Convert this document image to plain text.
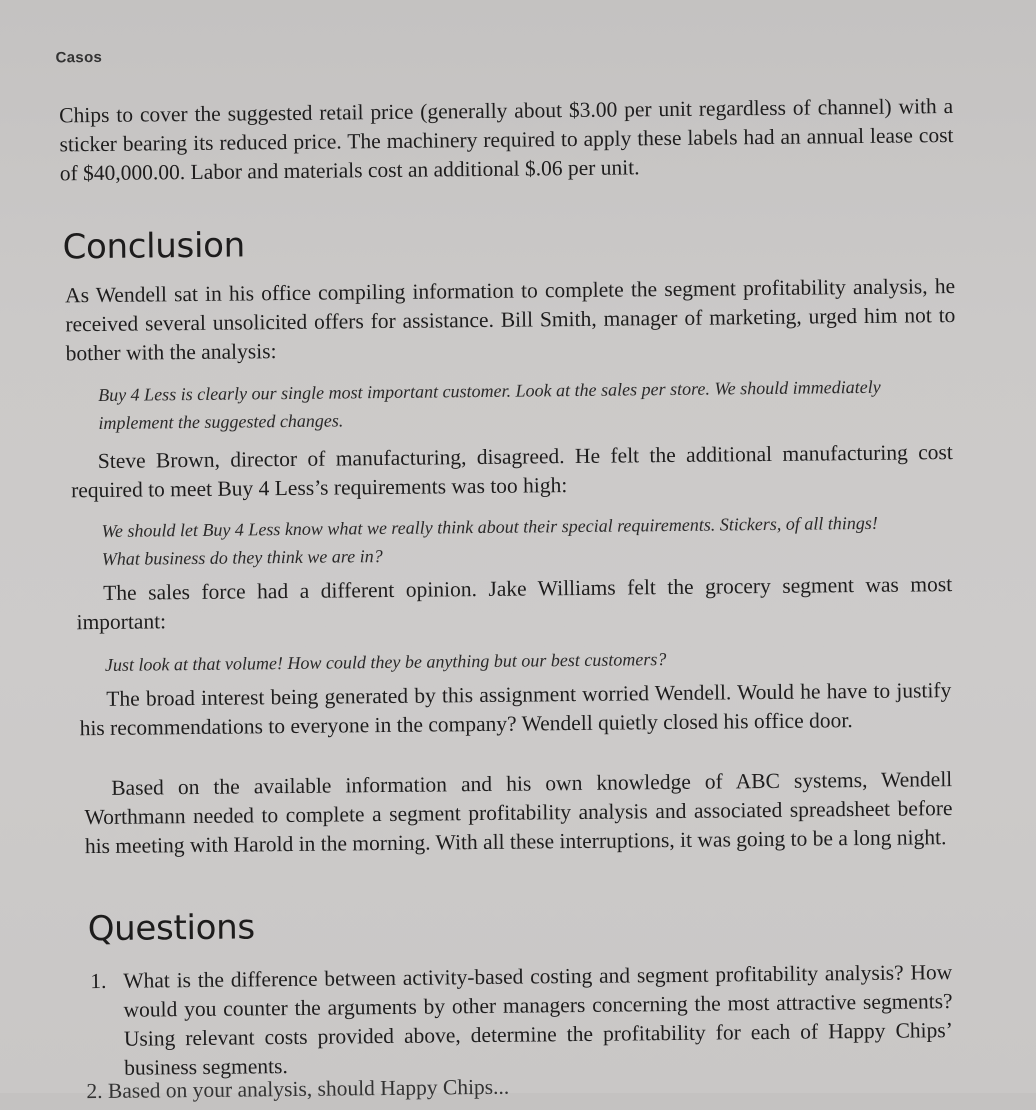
Casos

Chips to cover the suggested retail price (generally about $3.00 per unit regardless of channel) with a sticker bearing its reduced price. The machinery required to apply these labels had an annual lease cost of $40,000.00. Labor and materials cost an additional $.06 per unit.

Conclusion

As Wendell sat in his office compiling information to complete the segment profitability analysis, he received several unsolicited offers for assistance. Bill Smith, manager of marketing, urged him not to bother with the analysis:

Buy 4 Less is clearly our single most important customer. Look at the sales per store. We should immediately implement the suggested changes.

Steve Brown, director of manufacturing, disagreed. He felt the additional manufacturing cost required to meet Buy 4 Less’s requirements was too high:

We should let Buy 4 Less know what we really think about their special requirements. Stickers, of all things! What business do they think we are in?

The sales force had a different opinion. Jake Williams felt the grocery segment was most important:

Just look at that volume! How could they be anything but our best customers?

The broad interest being generated by this assignment worried Wendell. Would he have to justify his recommendations to everyone in the company? Wendell quietly closed his office door.

Based on the available information and his own knowledge of ABC systems, Wendell Worthmann needed to complete a segment profitability analysis and associated spreadsheet before his meeting with Harold in the morning. With all these interruptions, it was going to be a long night.

Questions
1. What is the difference between activity-based costing and segment profitability analysis? How would you counter the arguments by other managers concerning the most attractive segments? Using relevant costs provided above, determine the profitability for each of Happy Chips’ business segments.
2. Based on your analysis, should Happy Chips...
